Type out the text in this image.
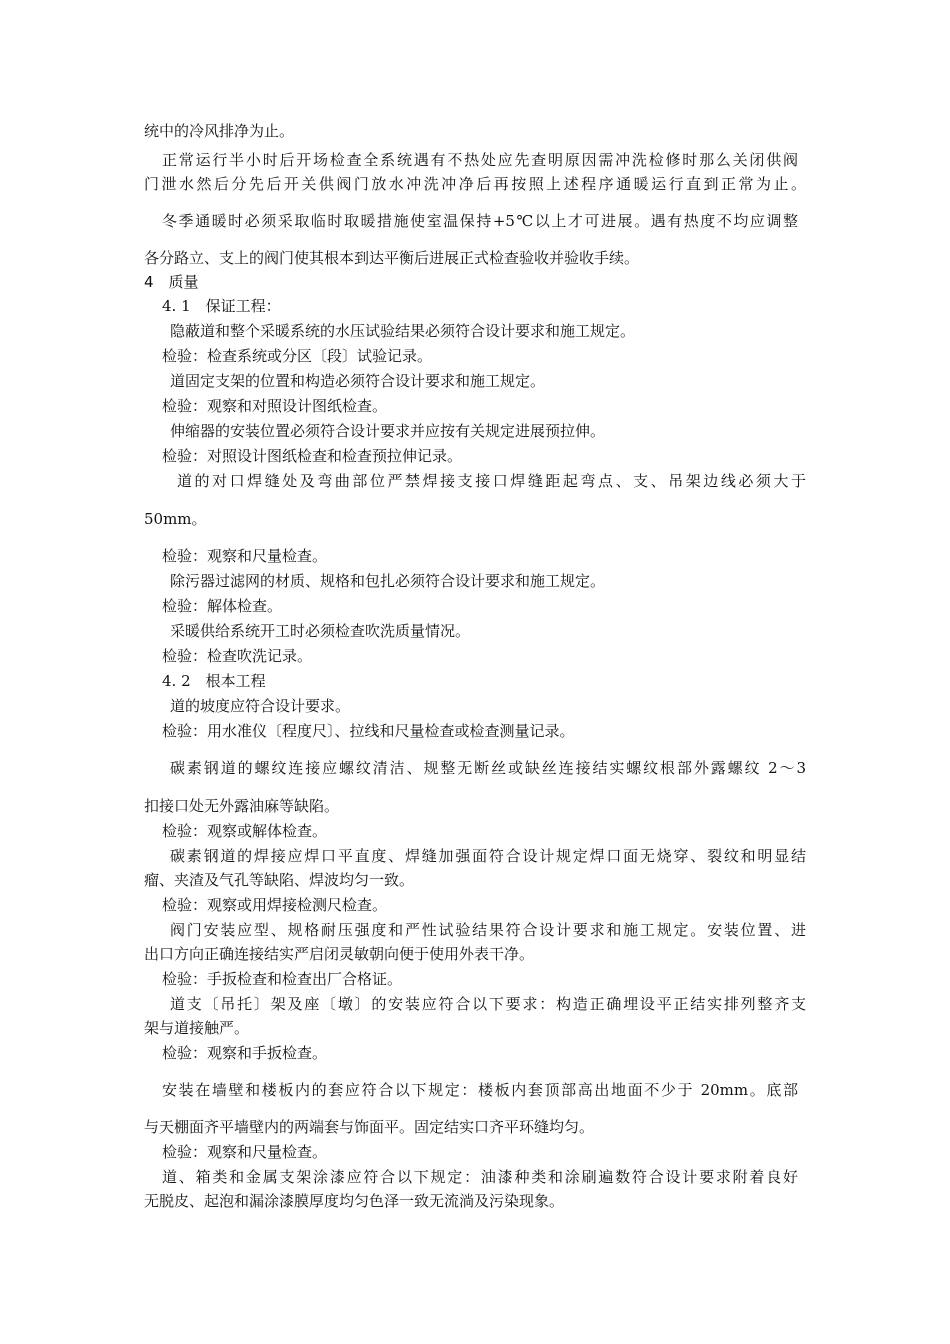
统中的冷风排净为止。
正常运行半小时后开场检查全系统遇有不热处应先查明原因需冲洗检修时那么关闭供阀
门泄水然后分先后开关供阀门放水冲洗冲净后再按照上述程序通暖运行直到正常为止。
冬季通暖时必须采取临时取暖措施使室温保持+5℃以上才可进展。遇有热度不均应调整
各分路立、支上的阀门使其根本到达平衡后进展正式检查验收并验收手续。
4　质量
4. 1　保证工程：
隐蔽道和整个采暖系统的水压试验结果必须符合设计要求和施工规定。
检验：检查系统或分区〔段〕试验记录。
道固定支架的位置和构造必须符合设计要求和施工规定。
检验：观察和对照设计图纸检查。
伸缩器的安装位置必须符合设计要求并应按有关规定进展预拉伸。
检验：对照设计图纸检查和检查预拉伸记录。
道的对口焊缝处及弯曲部位严禁焊接支接口焊缝距起弯点、支、吊架边线必须大于
50mm。
检验：观察和尺量检查。
除污器过滤网的材质、规格和包扎必须符合设计要求和施工规定。
检验：解体检查。
采暖供给系统开工时必须检查吹洗质量情况。
检验：检查吹洗记录。
4. 2　根本工程
道的坡度应符合设计要求。
检验：用水准仪〔程度尺〕、拉线和尺量检查或检查测量记录。
碳素钢道的螺纹连接应螺纹清洁、规整无断丝或缺丝连接结实螺纹根部外露螺纹 2～3
扣接口处无外露油麻等缺陷。
检验：观察或解体检查。
碳素钢道的焊接应焊口平直度、焊缝加强面符合设计规定焊口面无烧穿、裂纹和明显结
瘤、夹渣及气孔等缺陷、焊波均匀一致。
检验：观察或用焊接检测尺检查。
阀门安装应型、规格耐压强度和严性试验结果符合设计要求和施工规定。安装位置、进
出口方向正确连接结实严启闭灵敏朝向便于使用外表干净。
检验：手扳检查和检查出厂合格证。
道支〔吊托〕架及座〔墩〕的安装应符合以下要求：构造正确埋设平正结实排列整齐支
架与道接触严。
检验：观察和手扳检查。
安装在墙壁和楼板内的套应符合以下规定：楼板内套顶部高出地面不少于 20mm。底部
与天棚面齐平墙壁内的两端套与饰面平。固定结实口齐平环缝均匀。
检验：观察和尺量检查。
道、箱类和金属支架涂漆应符合以下规定：油漆种类和涂刷遍数符合设计要求附着良好
无脱皮、起泡和漏涂漆膜厚度均匀色泽一致无流淌及污染现象。
